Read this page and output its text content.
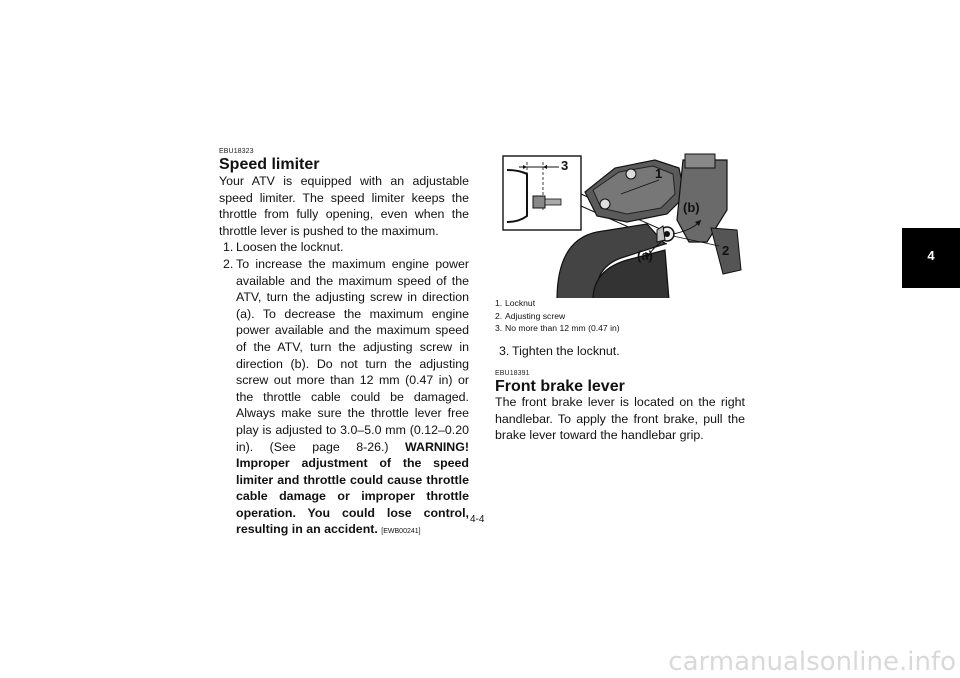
EBU18323
Speed limiter
Your ATV is equipped with an adjustable speed limiter. The speed limiter keeps the throttle from fully opening, even when the throttle lever is pushed to the maximum.
1. Loosen the locknut.
2. To increase the maximum engine power available and the maximum speed of the ATV, turn the adjusting screw in direction (a). To decrease the maximum engine power available and the maximum speed of the ATV, turn the adjusting screw in direction (b). Do not turn the adjusting screw out more than 12 mm (0.47 in) or the throttle cable could be damaged. Always make sure the throttle lever free play is adjusted to 3.0–5.0 mm (0.12–0.20 in). (See page 8-26.) WARNING! Improper adjustment of the speed limiter and throttle could cause throttle cable damage or improper throttle operation. You could lose control, resulting in an accident. [EWB00241]
3
1
(b)
2
(a)
1. Locknut
2. Adjusting screw
3. No more than 12 mm (0.47 in)
3. Tighten the locknut.
EBU18391
Front brake lever
The front brake lever is located on the right handlebar. To apply the front brake, pull the brake lever toward the handlebar grip.
4-4
4
carmanualsonline.info
